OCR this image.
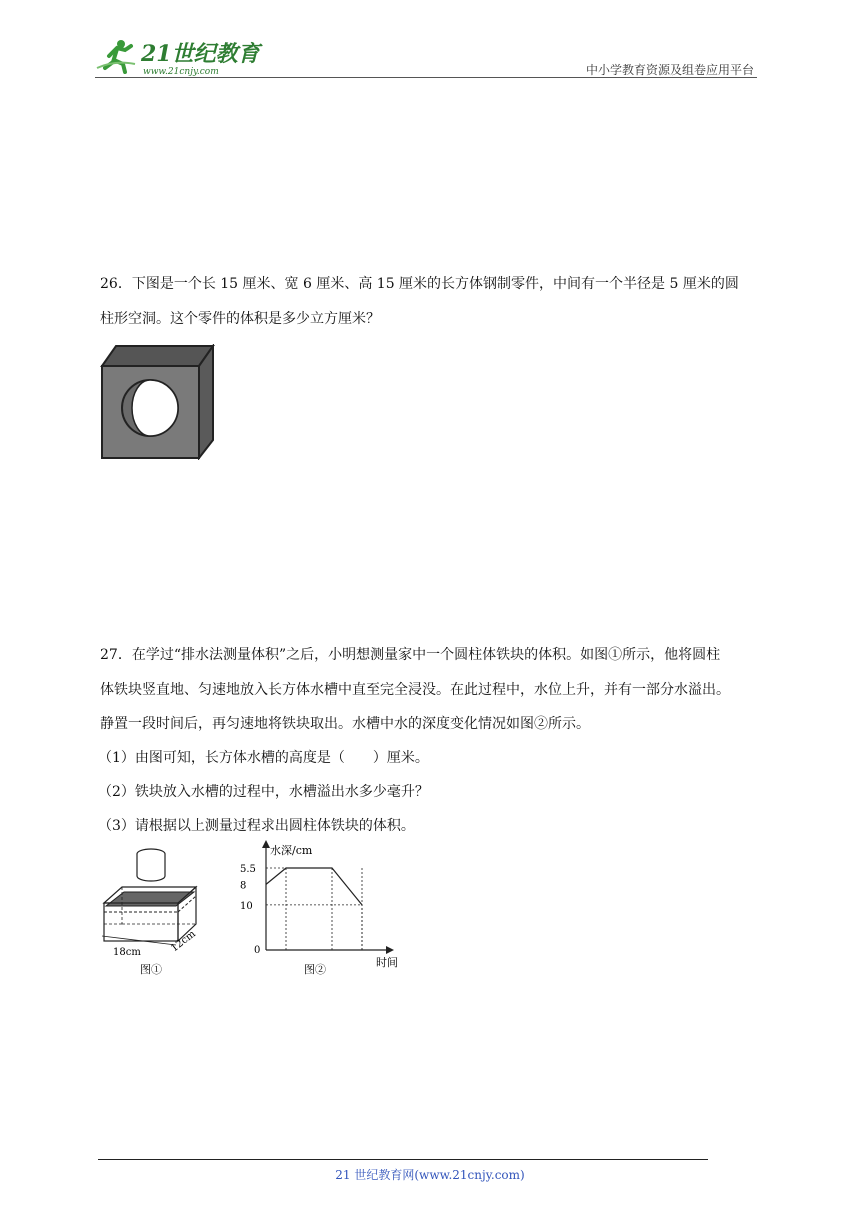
21世纪教育
www.21cnjy.com	中小学教育资源及组卷应用平台
26．下图是一个长 15 厘米、宽 6 厘米、高 15 厘米的长方体钢制零件，中间有一个半径是 5 厘米的圆
柱形空洞。这个零件的体积是多少立方厘米？
27．在学过“排水法测量体积”之后，小明想测量家中一个圆柱体铁块的体积。如图①所示，他将圆柱
体铁块竖直地、匀速地放入长方体水槽中直至完全浸没。在此过程中，水位上升，并有一部分水溢出。
静置一段时间后，再匀速地将铁块取出。水槽中水的深度变化情况如图②所示。
（1）由图可知，长方体水槽的高度是（　　）厘米。
（2）铁块放入水槽的过程中，水槽溢出水多少毫升？
（3）请根据以上测量过程求出圆柱体铁块的体积。
18cm	12cm
图①
水深/cm
时间
0
10
8
5.5
图②
21 世纪教育网(www.21cnjy.com)
